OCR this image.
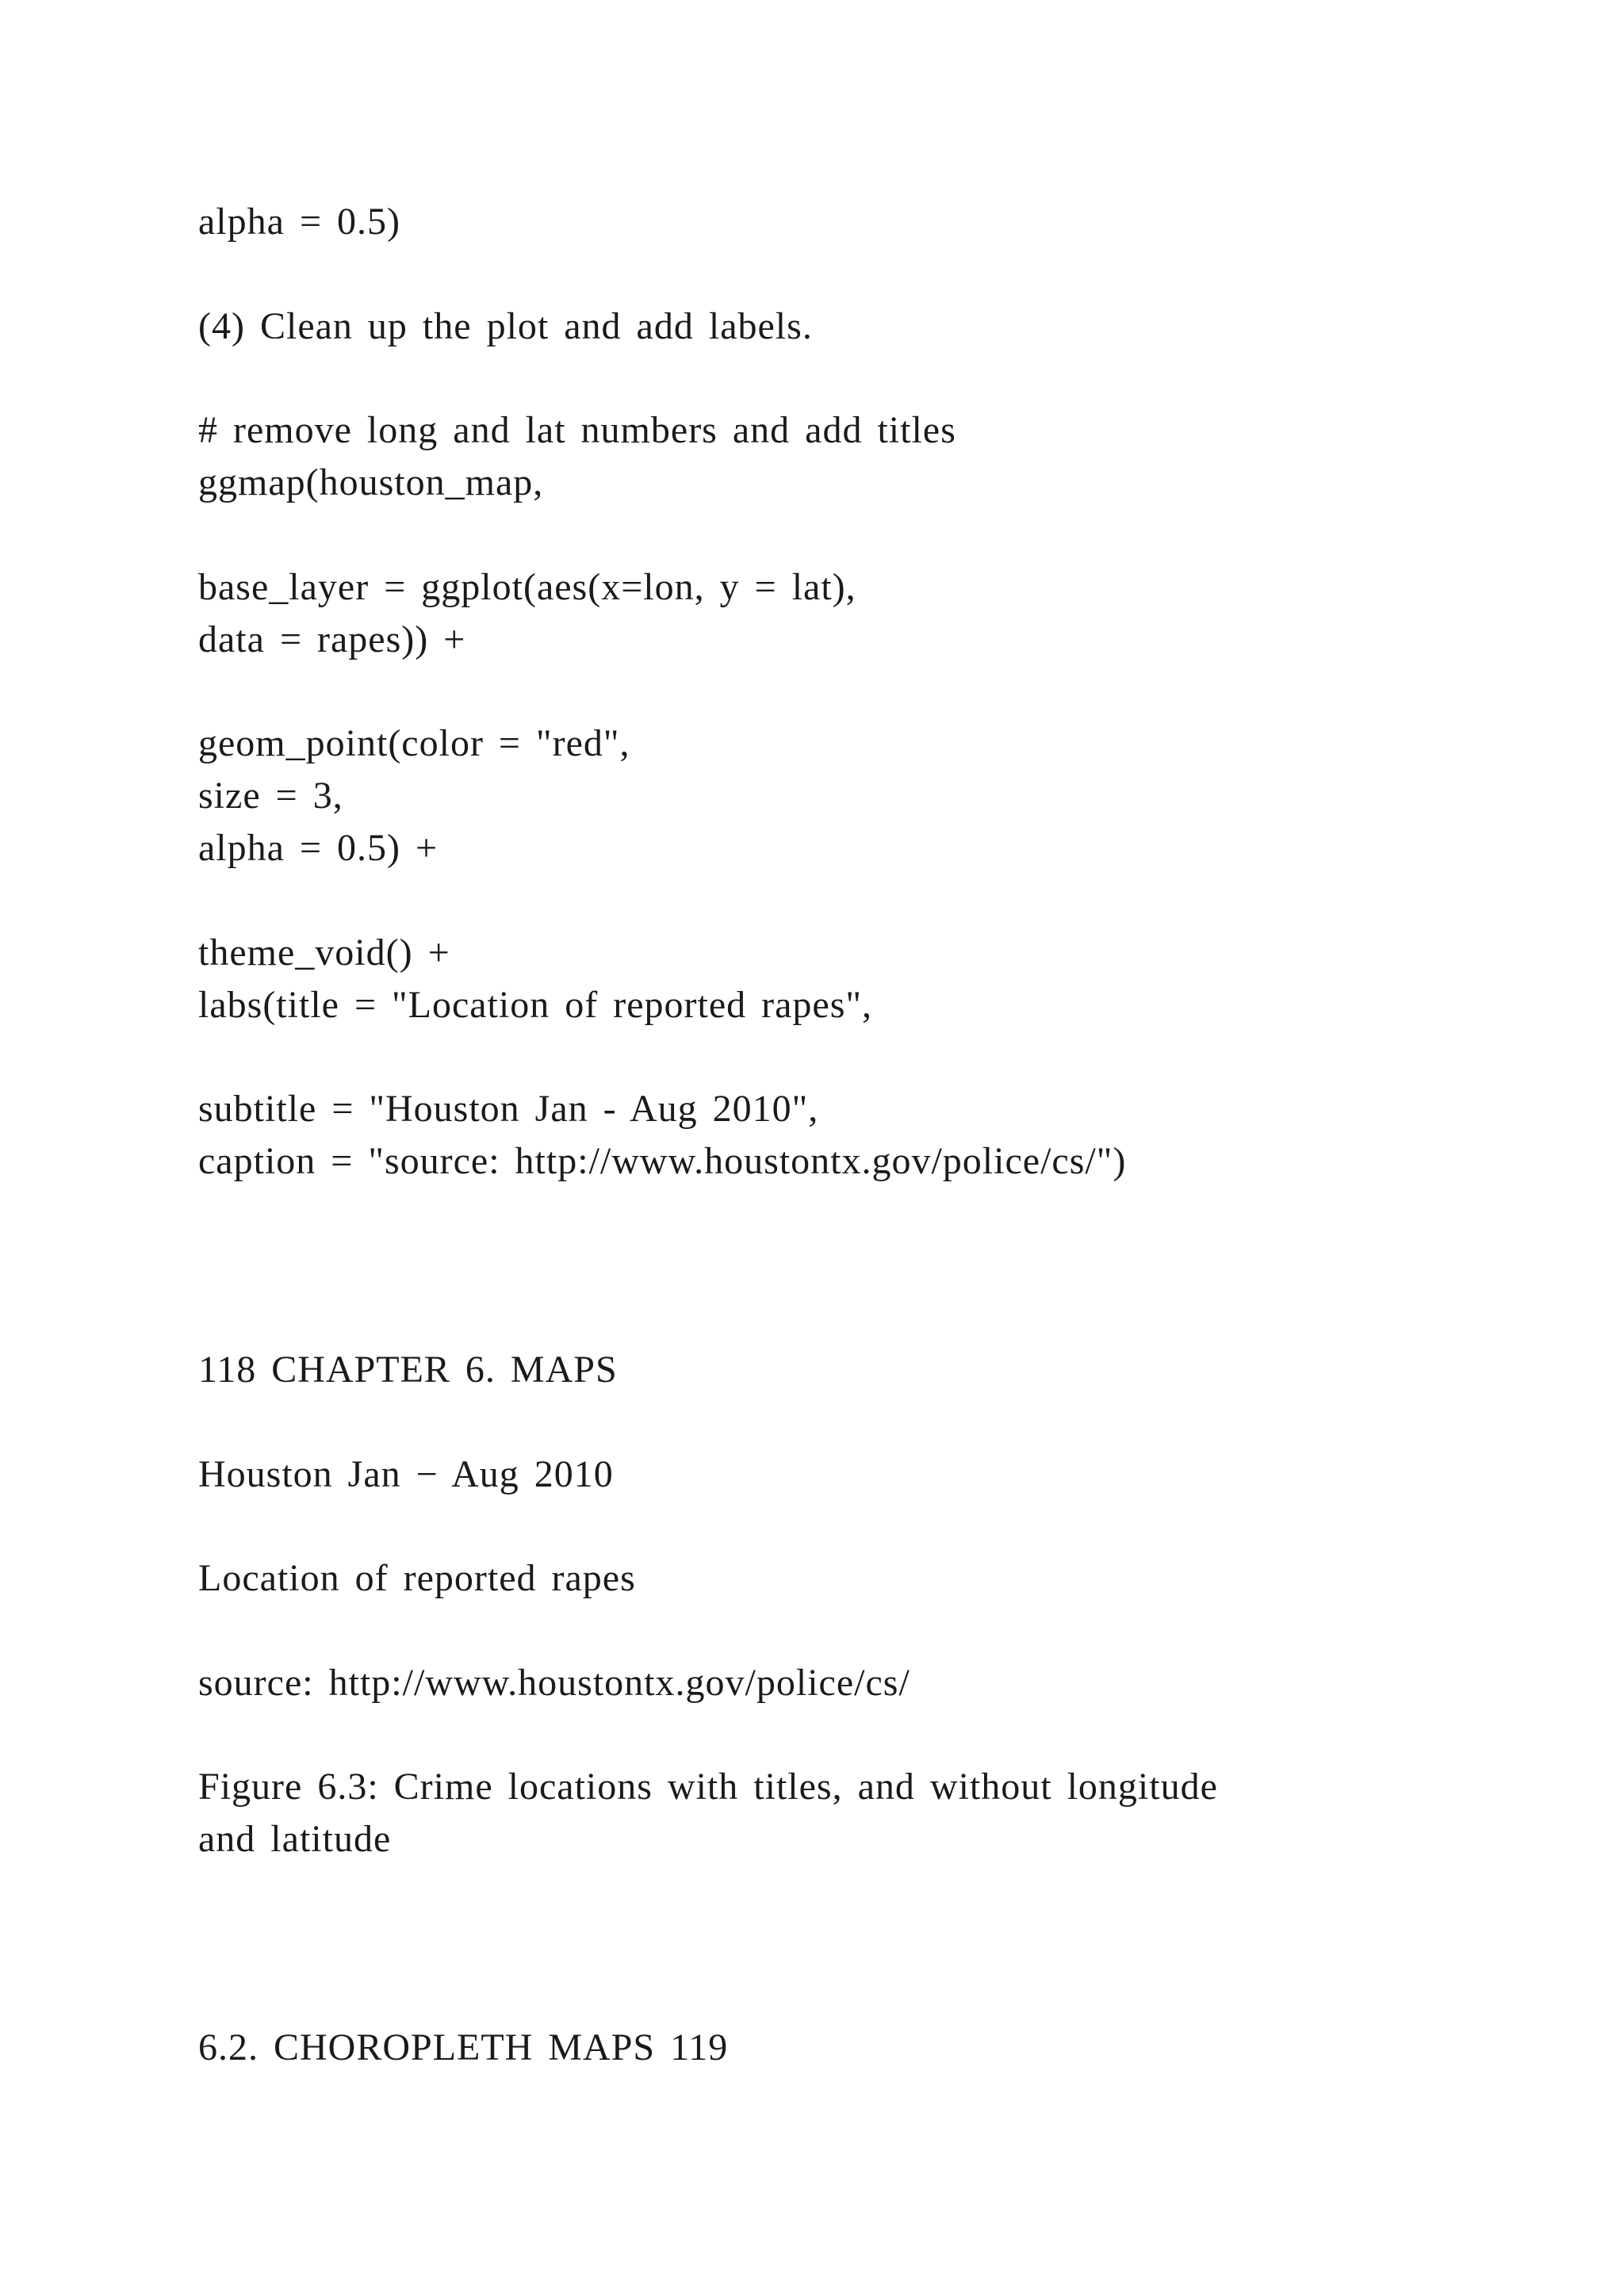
alpha = 0.5)
(4) Clean up the plot and add labels.
# remove long and lat numbers and add titles
ggmap(houston_map,
base_layer = ggplot(aes(x=lon, y = lat),
data = rapes)) +
geom_point(color = "red",
size = 3,
alpha = 0.5) +
theme_void() +
labs(title = "Location of reported rapes",
subtitle = "Houston Jan - Aug 2010",
caption = "source: http://www.houstontx.gov/police/cs/")
118 CHAPTER 6. MAPS
Houston Jan − Aug 2010
Location of reported rapes
source: http://www.houstontx.gov/police/cs/
Figure 6.3: Crime locations with titles, and without longitude
and latitude
6.2. CHOROPLETH MAPS 119
